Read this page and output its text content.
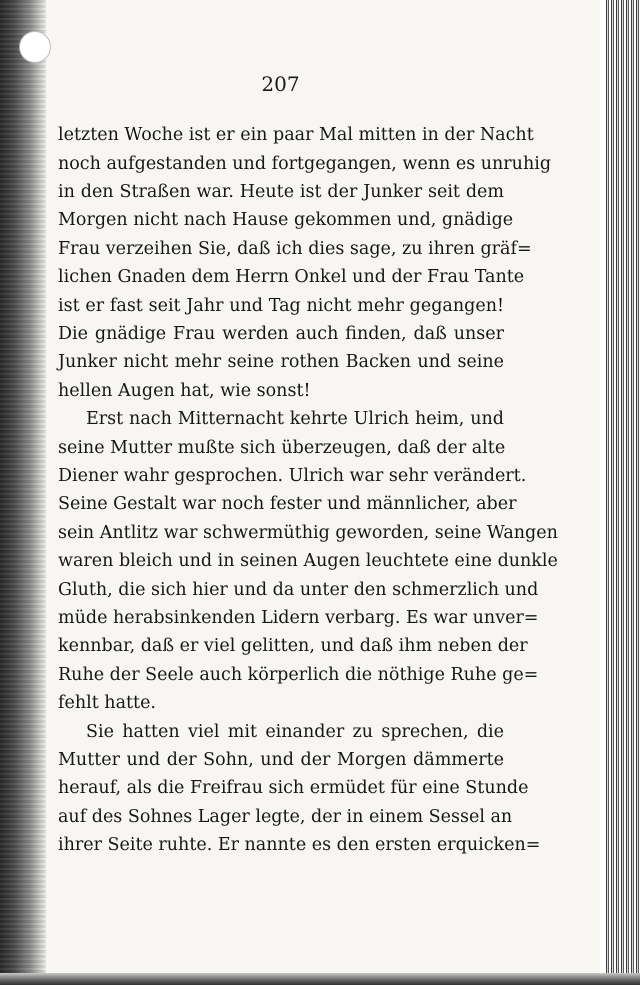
207
letzten Woche ist er ein paar Mal mitten in der Nacht
noch aufgestanden und fortgegangen, wenn es unruhig
in den Straßen war. Heute ist der Junker seit dem
Morgen nicht nach Hause gekommen und, gnädige
Frau verzeihen Sie, daß ich dies sage, zu ihren gräf=
lichen Gnaden dem Herrn Onkel und der Frau Tante
ist er fast seit Jahr und Tag nicht mehr gegangen!
Die gnädige Frau werden auch finden, daß unser
Junker nicht mehr seine rothen Backen und seine
hellen Augen hat, wie sonst!
Erst nach Mitternacht kehrte Ulrich heim, und
seine Mutter mußte sich überzeugen, daß der alte
Diener wahr gesprochen. Ulrich war sehr verändert.
Seine Gestalt war noch fester und männlicher, aber
sein Antlitz war schwermüthig geworden, seine Wangen
waren bleich und in seinen Augen leuchtete eine dunkle
Gluth, die sich hier und da unter den schmerzlich und
müde herabsinkenden Lidern verbarg. Es war unver=
kennbar, daß er viel gelitten, und daß ihm neben der
Ruhe der Seele auch körperlich die nöthige Ruhe ge=
fehlt hatte.
Sie hatten viel mit einander zu sprechen, die
Mutter und der Sohn, und der Morgen dämmerte
herauf, als die Freifrau sich ermüdet für eine Stunde
auf des Sohnes Lager legte, der in einem Sessel an
ihrer Seite ruhte. Er nannte es den ersten erquicken=
